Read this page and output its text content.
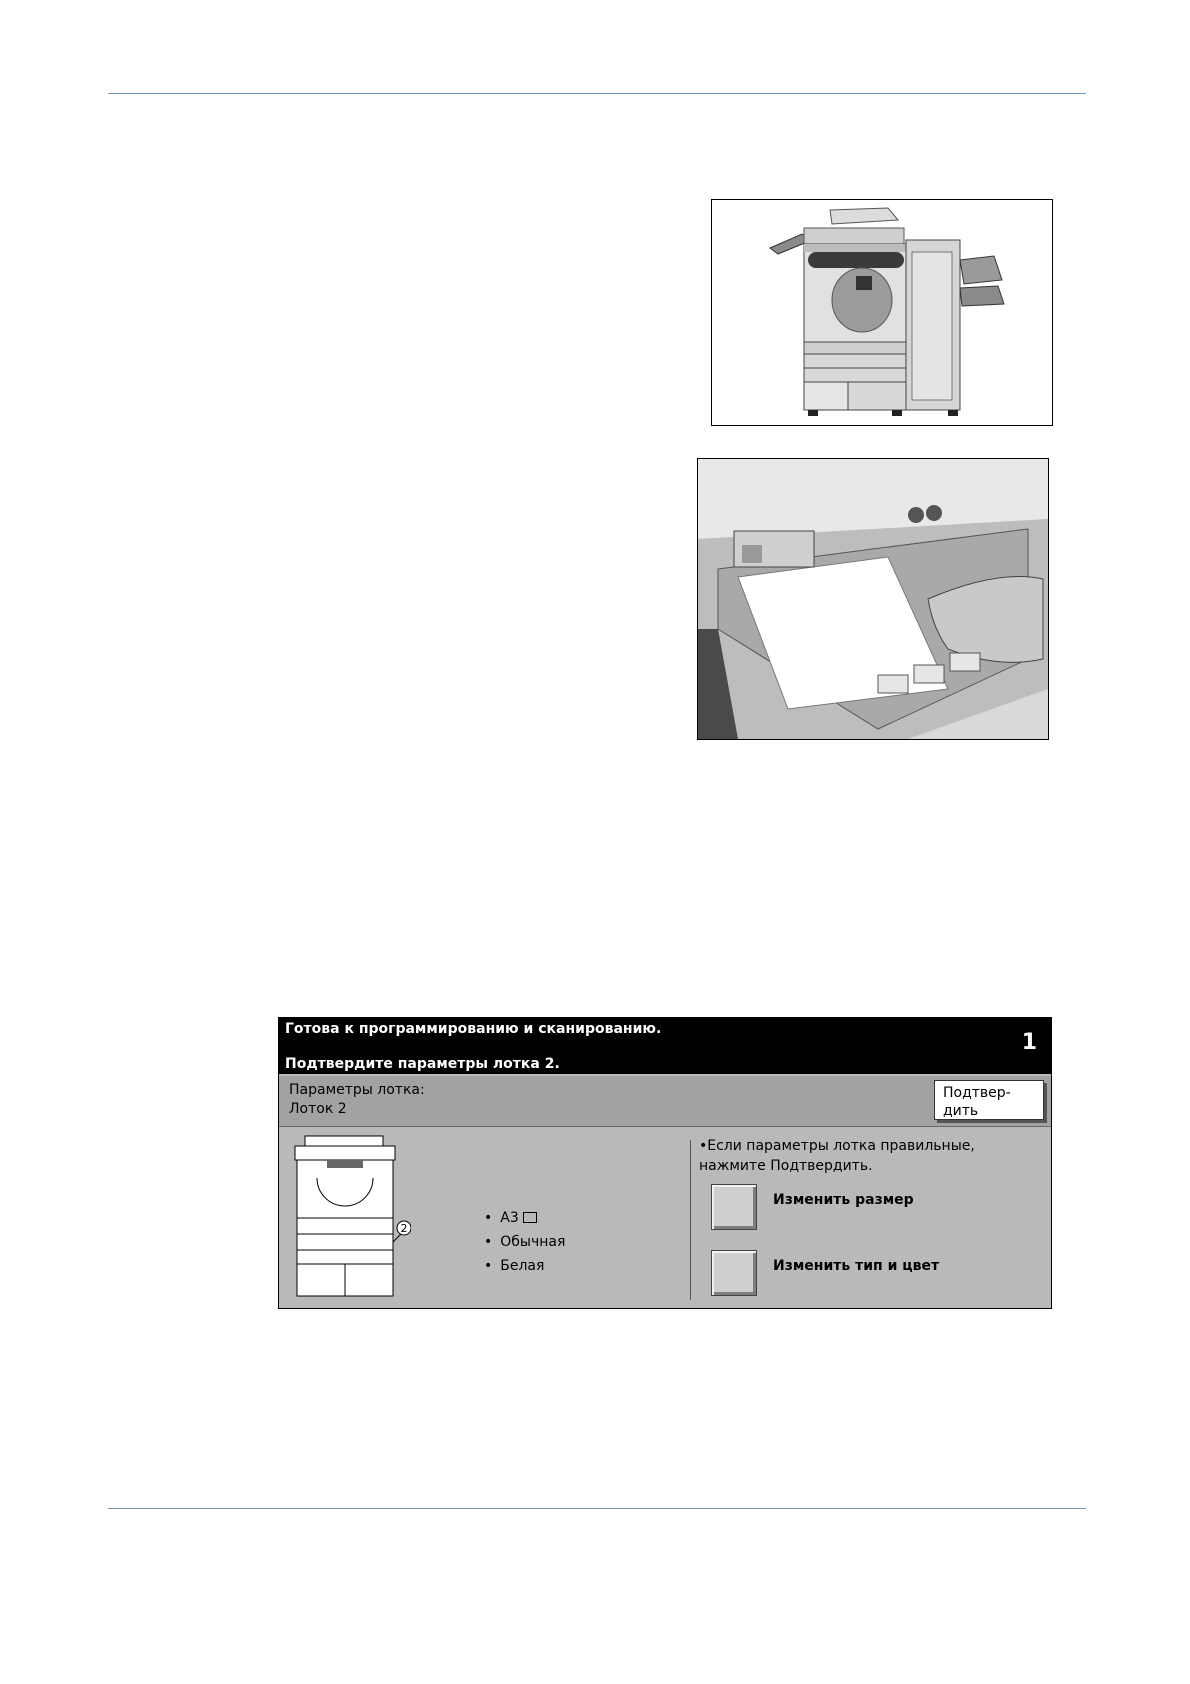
Готова к программированию и сканированию.
Подтвердите параметры лотка 2.
1
Параметры лотка:
Лоток 2
Подтвер-
дить
2
• A3
• Обычная
• Белая
•Если параметры лотка правильные, нажмите Подтвердить.
Изменить размер
Изменить тип и цвет
